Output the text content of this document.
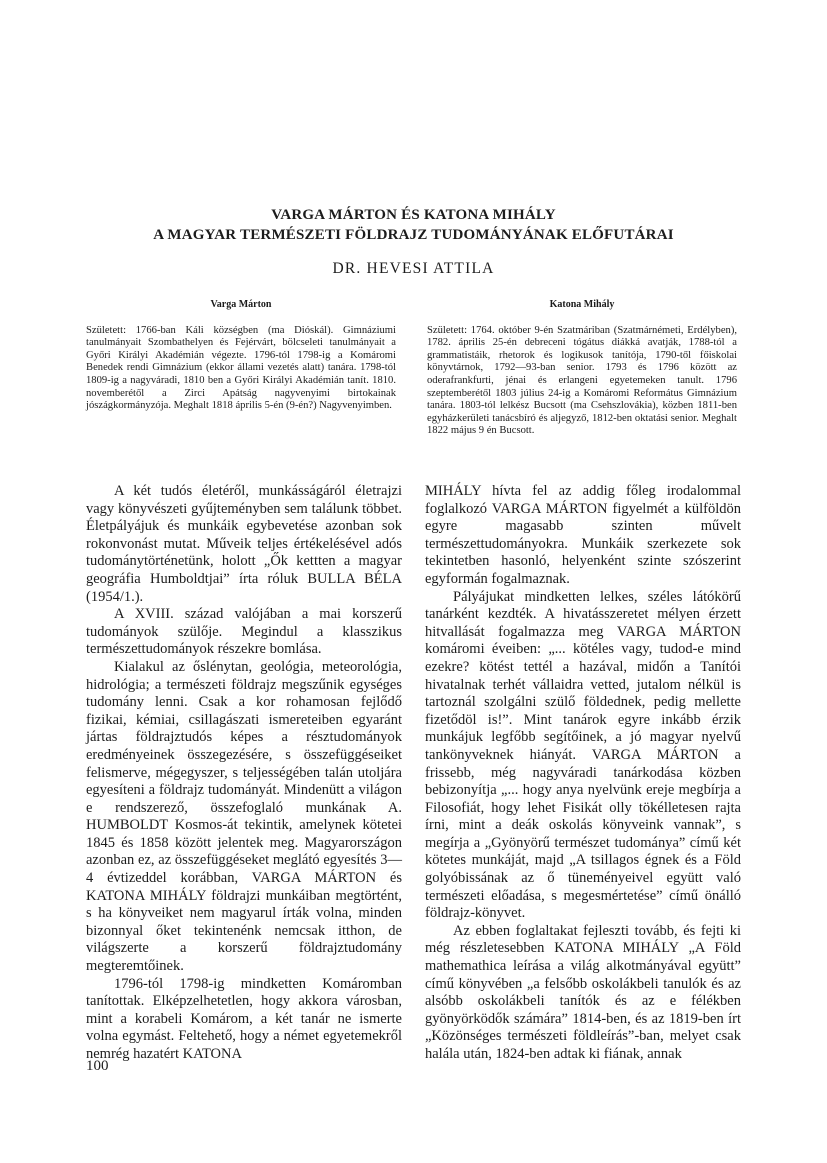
VARGA MÁRTON ÉS KATONA MIHÁLY
A MAGYAR TERMÉSZETI FÖLDRAJZ TUDOMÁNYÁNAK ELŐFUTÁRAI
DR. HEVESI ATTILA
Varga Márton

Született: 1766-ban Káli községben (ma Dióskál). Gimnáziumi tanulmányait Szombathelyen és Fejérvárt, bölcseleti tanulmányait a Győri Királyi Akadémián végezte. 1796-tól 1798-ig a Komáromi Benedek rendi Gimnázium (ekkor állami vezetés alatt) tanára. 1798-tól 1809-ig a nagyváradi, 1810 ben a Győri Királyi Akadémián tanít. 1810. novemberétől a Zirci Apátság nagyvenyimi birtokainak jószágkormányzója. Meghalt 1818 április 5-én (9-én?) Nagyvenyimben.

Katona Mihály

Született: 1764. október 9-én Szatmáriban (Szatmárnémeti, Erdélyben), 1782. április 25-én debreceni tógátus diákká avatják, 1788-tól a grammatistáik, rhetorok és logikusok tanítója, 1790-től főiskolai könyvtárnok, 1792—93-ban senior. 1793 és 1796 között az oderafrankfurti, jénai és erlangeni egyetemeken tanult. 1796 szeptemberétől 1803 július 24-ig a Komáromi Református Gimnázium tanára. 1803-tól lelkész Bucsott (ma Csehszlovákia), közben 1811-ben egyházkerületi tanácsbíró és aljegyző, 1812-ben oktatási senior. Meghalt 1822 május 9 én Bucsott.

A két tudós életéről, munkásságáról életrajzi vagy könyvészeti gyűjteményben sem találunk többet. Életpályájuk és munkáik egybevetése azonban sok rokonvonást mutat. Műveik teljes értékelésével adós tudománytörténetünk, holott „Ők kettten a magyar geográfia Humboldtjai” írta róluk BULLA BÉLA (1954/1.).

A XVIII. század valójában a mai korszerű tudományok szülője. Megindul a klasszikus természettudományok részekre bomlása.

Kialakul az őslénytan, geológia, meteorológia, hidrológia; a természeti földrajz megszűnik egységes tudomány lenni. Csak a kor rohamosan fejlődő fizikai, kémiai, csillagászati ismereteiben egyaránt jártas földrajztudós képes a résztudományok eredményeinek összegezésére, s összefüggéseiket felismerve, mégegyszer, s teljességében talán utoljára egyesíteni a földrajz tudományát. Mindenütt a világon e rendszerező, összefoglaló munkának A. HUMBOLDT Kosmos-át tekintik, amelynek kötetei 1845 és 1858 között jelentek meg. Magyarországon azonban ez, az összefüggéseket meglátó egyesítés 3—4 évtizeddel korábban, VARGA MÁRTON és KATONA MIHÁLY földrajzi munkáiban megtörtént, s ha könyveiket nem magyarul írták volna, minden bizonnyal őket tekintenénk nemcsak itthon, de világszerte a korszerű földrajztudomány megteremtőinek.

1796-tól 1798-ig mindketten Komáromban tanítottak. Elképzelhetetlen, hogy akkora városban, mint a korabeli Komárom, a két tanár ne ismerte volna egymást. Feltehető, hogy a német egyetemekről nemrég hazatért KATONA

MIHÁLY hívta fel az addig főleg irodalommal foglalkozó VARGA MÁRTON figyelmét a külföldön egyre magasabb szinten művelt természettudományokra. Munkáik szerkezete sok tekintetben hasonló, helyenként szinte szószerint egyformán fogalmaznak.

Pályájukat mindketten lelkes, széles látókörű tanárként kezdték. A hivatásszeretet mélyen érzett hitvallását fogalmazza meg VARGA MÁRTON komáromi éveiben: „... kötéles vagy, tudod-e mind ezekre? kötést tettél a hazával, midőn a Tanítói hivatalnak terhét vállaidra vetted, jutalom nélkül is tartoznál szolgálni szülő földednek, pedig mellette fizetődöl is!”. Mint tanárok egyre inkább érzik munkájuk legfőbb segítőinek, a jó magyar nyelvű tankönyveknek hiányát. VARGA MÁRTON a frissebb, még nagyváradi tanárkodása közben bebizonyítja „... hogy anya nyelvünk ereje megbírja a Filosofiát, hogy lehet Fisikát olly tökélletesen rajta írni, mint a deák oskolás könyveink vannak”, s megírja a „Gyönyörű természet tudománya” című két kötetes munkáját, majd „A tsillagos égnek és a Föld golyóbissának az ő tüneményeivel együtt való természeti előadása, s megesmértetése” című önálló földrajz-könyvet.

Az ebben foglaltakat fejleszti tovább, és fejti ki még részletesebben KATONA MIHÁLY „A Föld mathemathica leírása a világ alkotmányával együtt” című könyvében „a felsőbb oskolákbeli tanulók és az alsóbb oskolákbeli tanítók és az e félékben gyönyörködők számára” 1814-ben, és az 1819-ben írt „Közönséges természeti földleírás”-ban, melyet csak halála után, 1824-ben adtak ki fiának, annak

100
